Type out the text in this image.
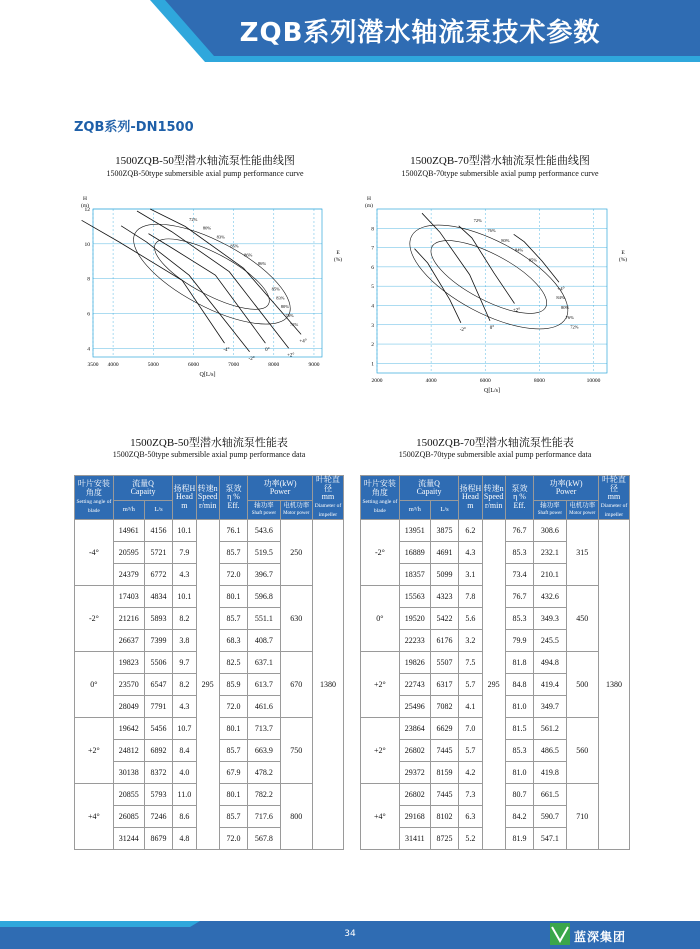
ZQB系列潜水轴流泵技术参数
ZQB系列-DN1500
1500ZQB-50型潜水轴流泵性能曲线图
1500ZQB-50type submersible axial pump performance curve
1500ZQB-70型潜水轴流泵性能曲线图
1500ZQB-70type submersible axial pump performance curve
4
6
8
10
12
3500 4000	5000	6000	7000	8000	9000
H
(m)
E
(%)
Q[L/s]
-4°
-2°
0°
+2°
+4°
72%
80%
83%
85%
86%
86%
85%
83%
80%
76%
72%
1
2
3
4
5
6
7
8
2000	4000	6000	8000	10000
H
(m)
E
(%)
Q[L/s]
-2°	0°
+2°
+4°
72%
76%
80%
84%
85%
84%
80%
76%
72%
1500ZQB-50型潜水轴流泵性能表
1500ZQB-50type submersible axial pump performance data
1500ZQB-70型潜水轴流泵性能表
1500ZQB-70type submersible axial pump performance data
叶片安装角度
Setting angle of blade	流量Q
Capaity		扬程H
Head
m	转速n
Speed
r/min	泵效
η %
Eff.	功率(kW)
Power		叶轮直径
mm
Diameter of impeller
	m³/h	L/s				轴功率
Shaft power	电机功率
Motor power	
-4°	14961	4156	10.1	295	76.1	543.6	250	1380
	20595	5721	7.9		85.7	519.5		
	24379	6772	4.3		72.0	396.7		
-2°	17403	4834	10.1		80.1	596.8	630	
	21216	5893	8.2		85.7	551.1		
	26637	7399	3.8		68.3	408.7		
0°	19823	5506	9.7		82.5	637.1	670	
	23570	6547	8.2		85.9	613.7		
	28049	7791	4.3		72.0	461.6		
+2°	19642	5456	10.7		80.1	713.7	750	
	24812	6892	8.4		85.7	663.9		
	30138	8372	4.0		67.9	478.2		
+4°	20855	5793	11.0		80.1	782.2	800	
	26085	7246	8.6		85.7	717.6		
	31244	8679	4.8		72.0	567.8		
叶片安装角度
Setting angle of blade	流量Q
Capaity		扬程H
Head
m	转速n
Speed
r/min	泵效
η %
Eff.	功率(kW)
Power		叶轮直径
mm
Diameter of impeller
	m³/h	L/s				轴功率
Shaft power	电机功率
Motor power	
-2°	13951	3875	6.2	295	76.7	308.6	315	1380
	16889	4691	4.3		85.3	232.1		
	18357	5099	3.1		73.4	210.1		
0°	15563	4323	7.8		76.7	432.6	450	
	19520	5422	5.6		85.3	349.3		
	22233	6176	3.2		79.9	245.5		
+2°	19826	5507	7.5		81.8	494.8	500	
	22743	6317	5.7		84.8	419.4		
	25496	7082	4.1		81.0	349.7		
+2°	23864	6629	7.0		81.5	561.2	560	
	26802	7445	5.7		85.3	486.5		
	29372	8159	4.2		81.0	419.8		
+4°	26802	7445	7.3		80.7	661.5	710	
	29168	8102	6.3		84.2	590.7		
	31411	8725	5.2		81.9	547.1		
34	蓝深集团
